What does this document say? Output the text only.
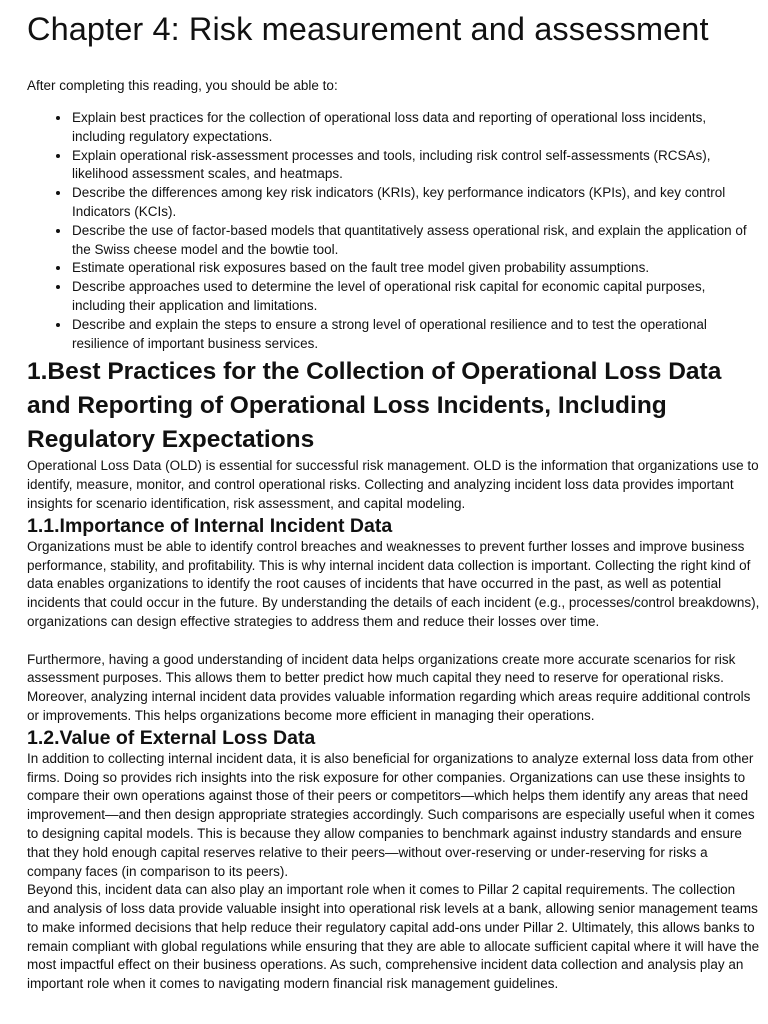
Chapter 4: Risk measurement and assessment

After completing this reading, you should be able to:

• Explain best practices for the collection of operational loss data and reporting of operational loss incidents, including regulatory expectations.
• Explain operational risk-assessment processes and tools, including risk control self-assessments (RCSAs), likelihood assessment scales, and heatmaps.
• Describe the differences among key risk indicators (KRIs), key performance indicators (KPIs), and key control Indicators (KCIs).
• Describe the use of factor-based models that quantitatively assess operational risk, and explain the application of the Swiss cheese model and the bowtie tool.
• Estimate operational risk exposures based on the fault tree model given probability assumptions.
• Describe approaches used to determine the level of operational risk capital for economic capital purposes, including their application and limitations.
• Describe and explain the steps to ensure a strong level of operational resilience and to test the operational resilience of important business services.
1.Best Practices for the Collection of Operational Loss Data and Reporting of Operational Loss Incidents, Including Regulatory Expectations

Operational Loss Data (OLD) is essential for successful risk management. OLD is the information that organizations use to identify, measure, monitor, and control operational risks. Collecting and analyzing incident loss data provides important insights for scenario identification, risk assessment, and capital modeling.

1.1.Importance of Internal Incident Data

Organizations must be able to identify control breaches and weaknesses to prevent further losses and improve business performance, stability, and profitability. This is why internal incident data collection is important. Collecting the right kind of data enables organizations to identify the root causes of incidents that have occurred in the past, as well as potential incidents that could occur in the future. By understanding the details of each incident (e.g., processes/control breakdowns), organizations can design effective strategies to address them and reduce their losses over time.

Furthermore, having a good understanding of incident data helps organizations create more accurate scenarios for risk assessment purposes. This allows them to better predict how much capital they need to reserve for operational risks. Moreover, analyzing internal incident data provides valuable information regarding which areas require additional controls or improvements. This helps organizations become more efficient in managing their operations.

1.2.Value of External Loss Data

In addition to collecting internal incident data, it is also beneficial for organizations to analyze external loss data from other firms. Doing so provides rich insights into the risk exposure for other companies. Organizations can use these insights to compare their own operations against those of their peers or competitors—which helps them identify any areas that need improvement—and then design appropriate strategies accordingly. Such comparisons are especially useful when it comes to designing capital models. This is because they allow companies to benchmark against industry standards and ensure that they hold enough capital reserves relative to their peers—without over-reserving or under-reserving for risks a company faces (in comparison to its peers).

Beyond this, incident data can also play an important role when it comes to Pillar 2 capital requirements. The collection and analysis of loss data provide valuable insight into operational risk levels at a bank, allowing senior management teams to make informed decisions that help reduce their regulatory capital add-ons under Pillar 2. Ultimately, this allows banks to remain compliant with global regulations while ensuring that they are able to allocate sufficient capital where it will have the most impactful effect on their business operations. As such, comprehensive incident data collection and analysis play an important role when it comes to navigating modern financial risk management guidelines.
